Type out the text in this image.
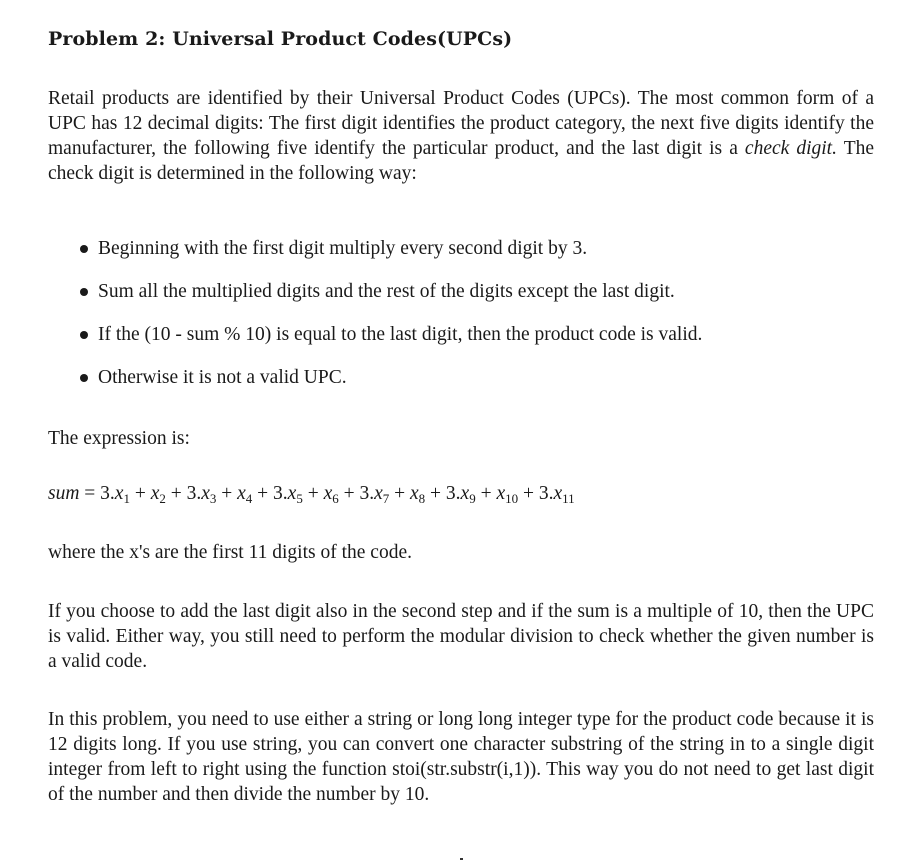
Problem 2: Universal Product Codes(UPCs)

Retail products are identified by their Universal Product Codes (UPCs). The most common form of a UPC has 12 decimal digits: The first digit identifies the product category, the next five digits identify the manufacturer, the following five identify the particular product, and the last digit is a check digit. The check digit is determined in the following way:

Beginning with the first digit multiply every second digit by 3.
Sum all the multiplied digits and the rest of the digits except the last digit.
If the (10 - sum % 10) is equal to the last digit, then the product code is valid.
Otherwise it is not a valid UPC.

The expression is:

sum = $3.x_1 + x_2 + 3.x_3 + x_4 + 3.x_5 + x_6 + 3.x_7 + x_8 + 3.x_9 + x_{10} + 3.x_{11}$

where the x's are the first 11 digits of the code.

If you choose to add the last digit also in the second step and if the sum is a multiple of 10, then the UPC is valid. Either way, you still need to perform the modular division to check whether the given number is a valid code.

In this problem, you need to use either a string or long long integer type for the product code because it is 12 digits long. If you use string, you can convert one character substring of the string in to a single digit integer from left to right using the function stoi(str.substr(i,1)). This way you do not need to get last digit of the number and then divide the number by 10.
